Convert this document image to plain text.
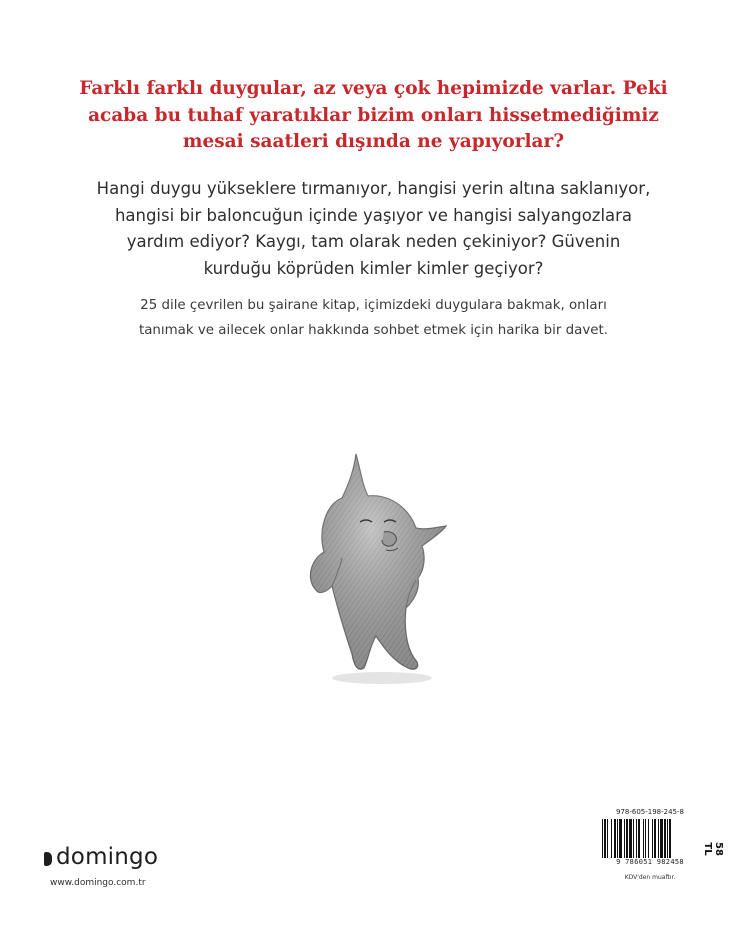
Farklı farklı duygular, az veya çok hepimizde varlar. Peki
acaba bu tuhaf yaratıklar bizim onları hissetmediğimiz
mesai saatleri dışında ne yapıyorlar?
Hangi duygu yükseklere tırmanıyor, hangisi yerin altına saklanıyor,
hangisi bir baloncuğun içinde yaşıyor ve hangisi salyangozlara
yardım ediyor? Kaygı, tam olarak neden çekiniyor? Güvenin
kurduğu köprüden kimler kimler geçiyor?
25 dile çevrilen bu şairane kitap, içimizdeki duygulara bakmak, onları
tanımak ve ailecek onlar hakkında sohbet etmek için harika bir davet.
domingo
www.domingo.com.tr
978-605-198-245-8
9 786051 982458
58 TL
KDV'den muaftır.
